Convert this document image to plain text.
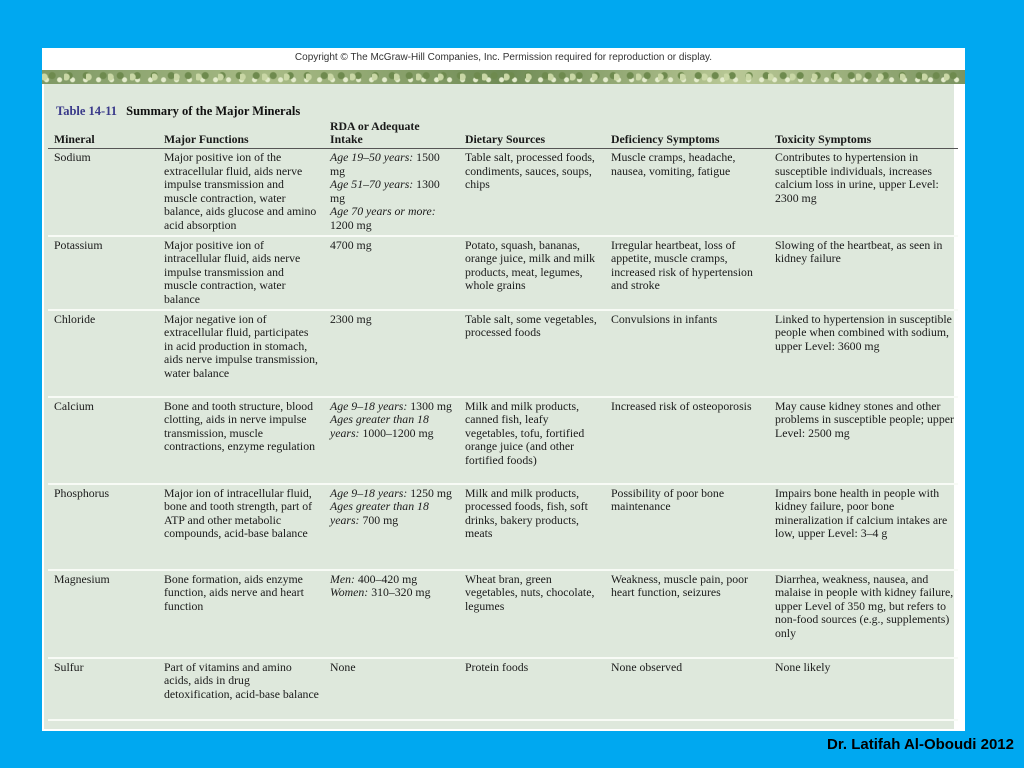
Copyright © The McGraw-Hill Companies, Inc. Permission required for reproduction or display.
Table 14-11 Summary of the Major Minerals
Mineral	Major Functions	RDA or Adequate Intake	Dietary Sources	Deficiency Symptoms	Toxicity Symptoms
Sodium	Major positive ion of the extracellular fluid, aids nerve impulse transmission and muscle contraction, water balance, aids glucose and amino acid absorption	Age 19–50 years: 1500 mg
Age 51–70 years: 1300 mg
Age 70 years or more: 1200 mg	Table salt, processed foods, condiments, sauces, soups, chips	Muscle cramps, headache, nausea, vomiting, fatigue	Contributes to hypertension in susceptible individuals, increases calcium loss in urine, upper Level: 2300 mg
Potassium	Major positive ion of intracellular fluid, aids nerve impulse transmission and muscle contraction, water balance	4700 mg	Potato, squash, bananas, orange juice, milk and milk products, meat, legumes, whole grains	Irregular heartbeat, loss of appetite, muscle cramps, increased risk of hypertension and stroke	Slowing of the heartbeat, as seen in kidney failure
Chloride	Major negative ion of extracellular fluid, participates in acid production in stomach, aids nerve impulse transmission, water balance	2300 mg	Table salt, some vegetables, processed foods	Convulsions in infants	Linked to hypertension in susceptible people when combined with sodium, upper Level: 3600 mg
Calcium	Bone and tooth structure, blood clotting, aids in nerve impulse transmission, muscle contractions, enzyme regulation	Age 9–18 years: 1300 mg
Ages greater than 18 years: 1000–1200 mg	Milk and milk products, canned fish, leafy vegetables, tofu, fortified orange juice (and other fortified foods)	Increased risk of osteoporosis	May cause kidney stones and other problems in susceptible people; upper Level: 2500 mg
Phosphorus	Major ion of intracellular fluid, bone and tooth strength, part of ATP and other metabolic compounds, acid-base balance	Age 9–18 years: 1250 mg
Ages greater than 18 years: 700 mg	Milk and milk products, processed foods, fish, soft drinks, bakery products, meats	Possibility of poor bone maintenance	Impairs bone health in people with kidney failure, poor bone mineralization if calcium intakes are low, upper Level: 3–4 g
Magnesium	Bone formation, aids enzyme function, aids nerve and heart function	Men: 400–420 mg
Women: 310–320 mg	Wheat bran, green vegetables, nuts, chocolate, legumes	Weakness, muscle pain, poor heart function, seizures	Diarrhea, weakness, nausea, and malaise in people with kidney failure, upper Level of 350 mg, but refers to non-food sources (e.g., supplements) only
Sulfur	Part of vitamins and amino acids, aids in drug detoxification, acid-base balance	None	Protein foods	None observed	None likely
Dr. Latifah Al-Oboudi 2012
